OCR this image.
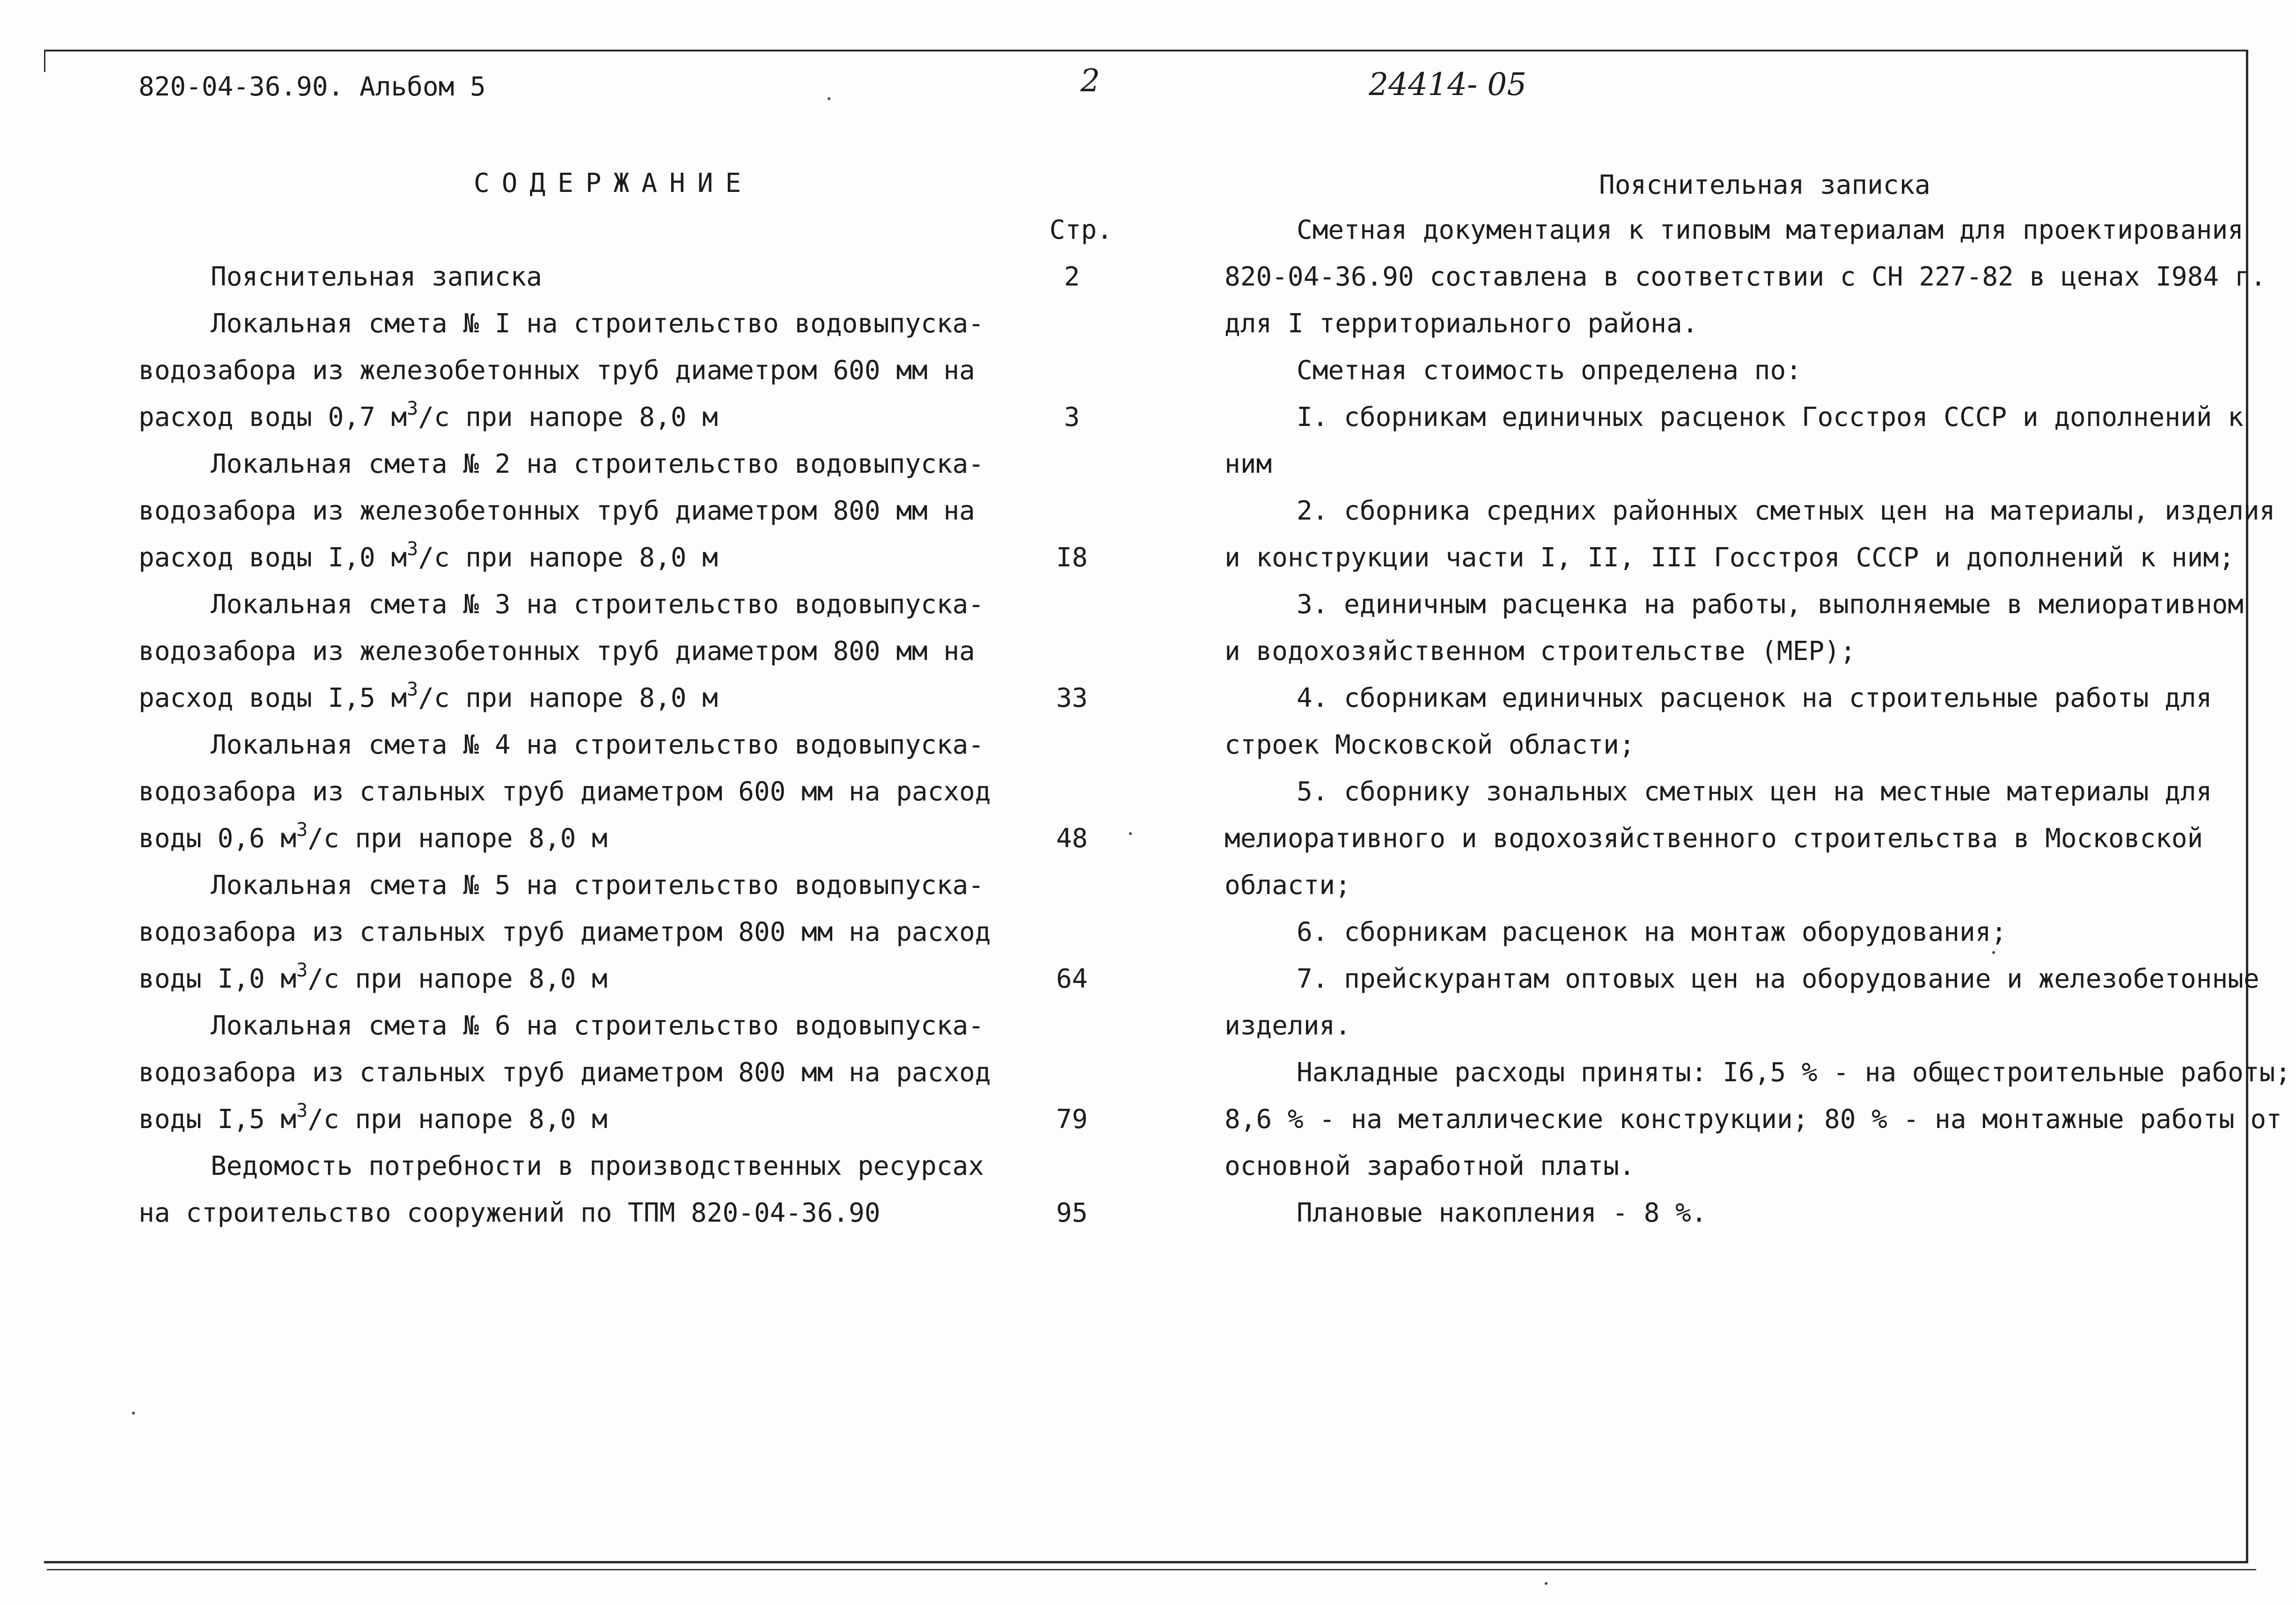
820-04-36.90. Альбом 5	2	24414- 05
СОДЕРЖАНИЕ
Стр.
Пояснительная записка	2
Локальная смета № I на строительство водовыпуска-
водозабора из железобетонных труб диаметром 600 мм на
расход воды 0,7 $м^3/с$ при напоре 8,0 м	3
Локальная смета № 2 на строительство водовыпуска-
водозабора из железобетонных труб диаметром 800 мм на
расход воды I,0 $м^3/с$ при напоре 8,0 м	I8
Локальная смета № 3 на строительство водовыпуска-
водозабора из железобетонных труб диаметром 800 мм на
расход воды I,5 $м^3/с$ при напоре 8,0 м	33
Локальная смета № 4 на строительство водовыпуска-
водозабора из стальных труб диаметром 600 мм на расход
воды 0,6 $м^3/с$ при напоре 8,0 м	48
Локальная смета № 5 на строительство водовыпуска-
водозабора из стальных труб диаметром 800 мм на расход
воды I,0 $м^3/с$ при напоре 8,0 м	64
Локальная смета № 6 на строительство водовыпуска-
водозабора из стальных труб диаметром 800 мм на расход
воды I,5 $м^3/с$ при напоре 8,0 м	79
Ведомость потребности в производственных ресурсах
на строительство сооружений по ТПМ 820-04-36.90	95
Пояснительная записка
Сметная документация к типовым материалам для проектирования
820-04-36.90 составлена в соответствии с СН 227-82 в ценах I984 г.
для I территориального района.
Сметная стоимость определена по:
I. сборникам единичных расценок Госстроя СССР и дополнений к
ним
2. сборника средних районных сметных цен на материалы, изделия
и конструкции части I, II, III Госстроя СССР и дополнений к ним;
3. единичным расценка на работы, выполняемые в мелиоративном
и водохозяйственном строительстве (МЕР);
4. сборникам единичных расценок на строительные работы для
строек Московской области;
5. сборнику зональных сметных цен на местные материалы для
мелиоративного и водохозяйственного строительства в Московской
области;
6. сборникам расценок на монтаж оборудования;
7. прейскурантам оптовых цен на оборудование и железобетонные
изделия.
Накладные расходы приняты: I6,5 % - на общестроительные работы;
8,6 % - на металлические конструкции; 80 % - на монтажные работы от
основной заработной платы.
Плановые накопления - 8 %.
